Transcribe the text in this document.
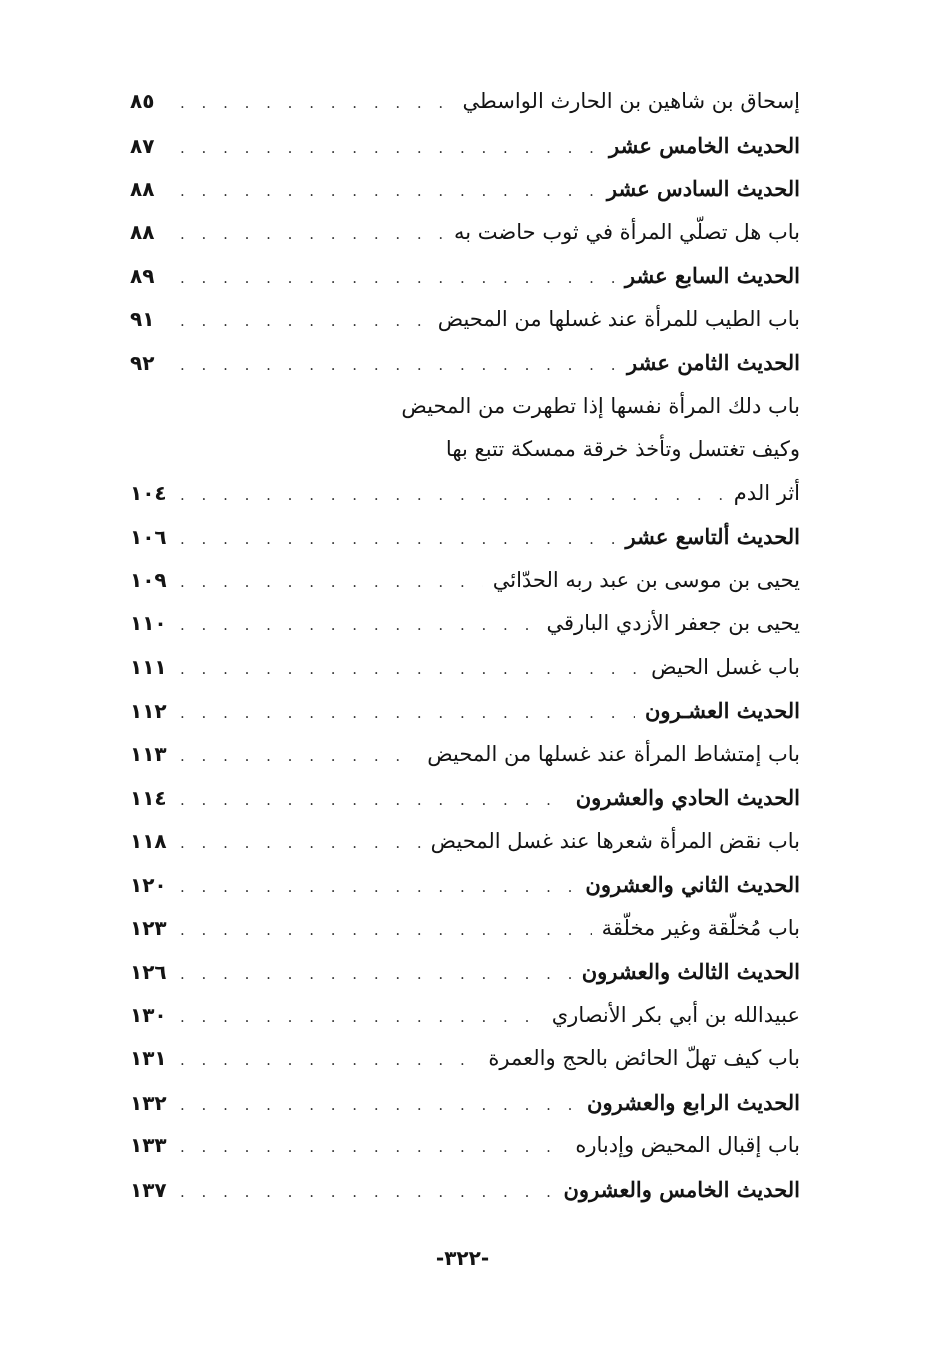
إسحاق بن شاهين بن الحارث الواسطي
. . .
٨٥
الحديث الخامس عشر
. . .
٨٧
الحديث السادس عشر
. . .
٨٨
باب هل تصلّي المرأة في ثوب حاضت به
. . .
٨٨
الحديث السابع عشر
. . .
٨٩
باب الطيب للمرأة عند غسلها من المحيض
. . .
٩١
الحديث الثامن عشر
. . .
٩٢
باب دلك المرأة نفسها إذا تطهرت من المحيض
وكيف تغتسل وتأخذ خرقة ممسكة تتبع بها
أثر الدم
. . .
١٠٤
الحديث ألتاسع عشر
. . .
١٠٦
يحيى بن موسى بن عبد ربه الحدّائي
. . .
١٠٩
يحيى بن جعفر الأزدي البارقي
. . .
١١٠
باب غسل الحيض
. . .
١١١
الحديث العشـرون
. . .
١١٢
باب إمتشاط المرأة عند غسلها من المحيض
. . .
١١٣
الحديث الحادي والعشرون
. . .
١١٤
باب نقض المرأة شعرها عند غسل المحيض
. . .
١١٨
الحديث الثاني والعشرون
. . .
١٢٠
باب مُخلّقة وغير مخلّقة
. . .
١٢٣
الحديث الثالث والعشرون
. . .
١٢٦
عبيدالله بن أبي بكر الأنصاري
. . .
١٣٠
باب كيف تهلّ الحائض بالحج والعمرة
. . .
١٣١
الحديث الرابع والعشرون
. . .
١٣٢
باب إقبال المحيض وإدباره
. . .
١٣٣
الحديث الخامس والعشرون
. . .
١٣٧
-٣٢٢-
